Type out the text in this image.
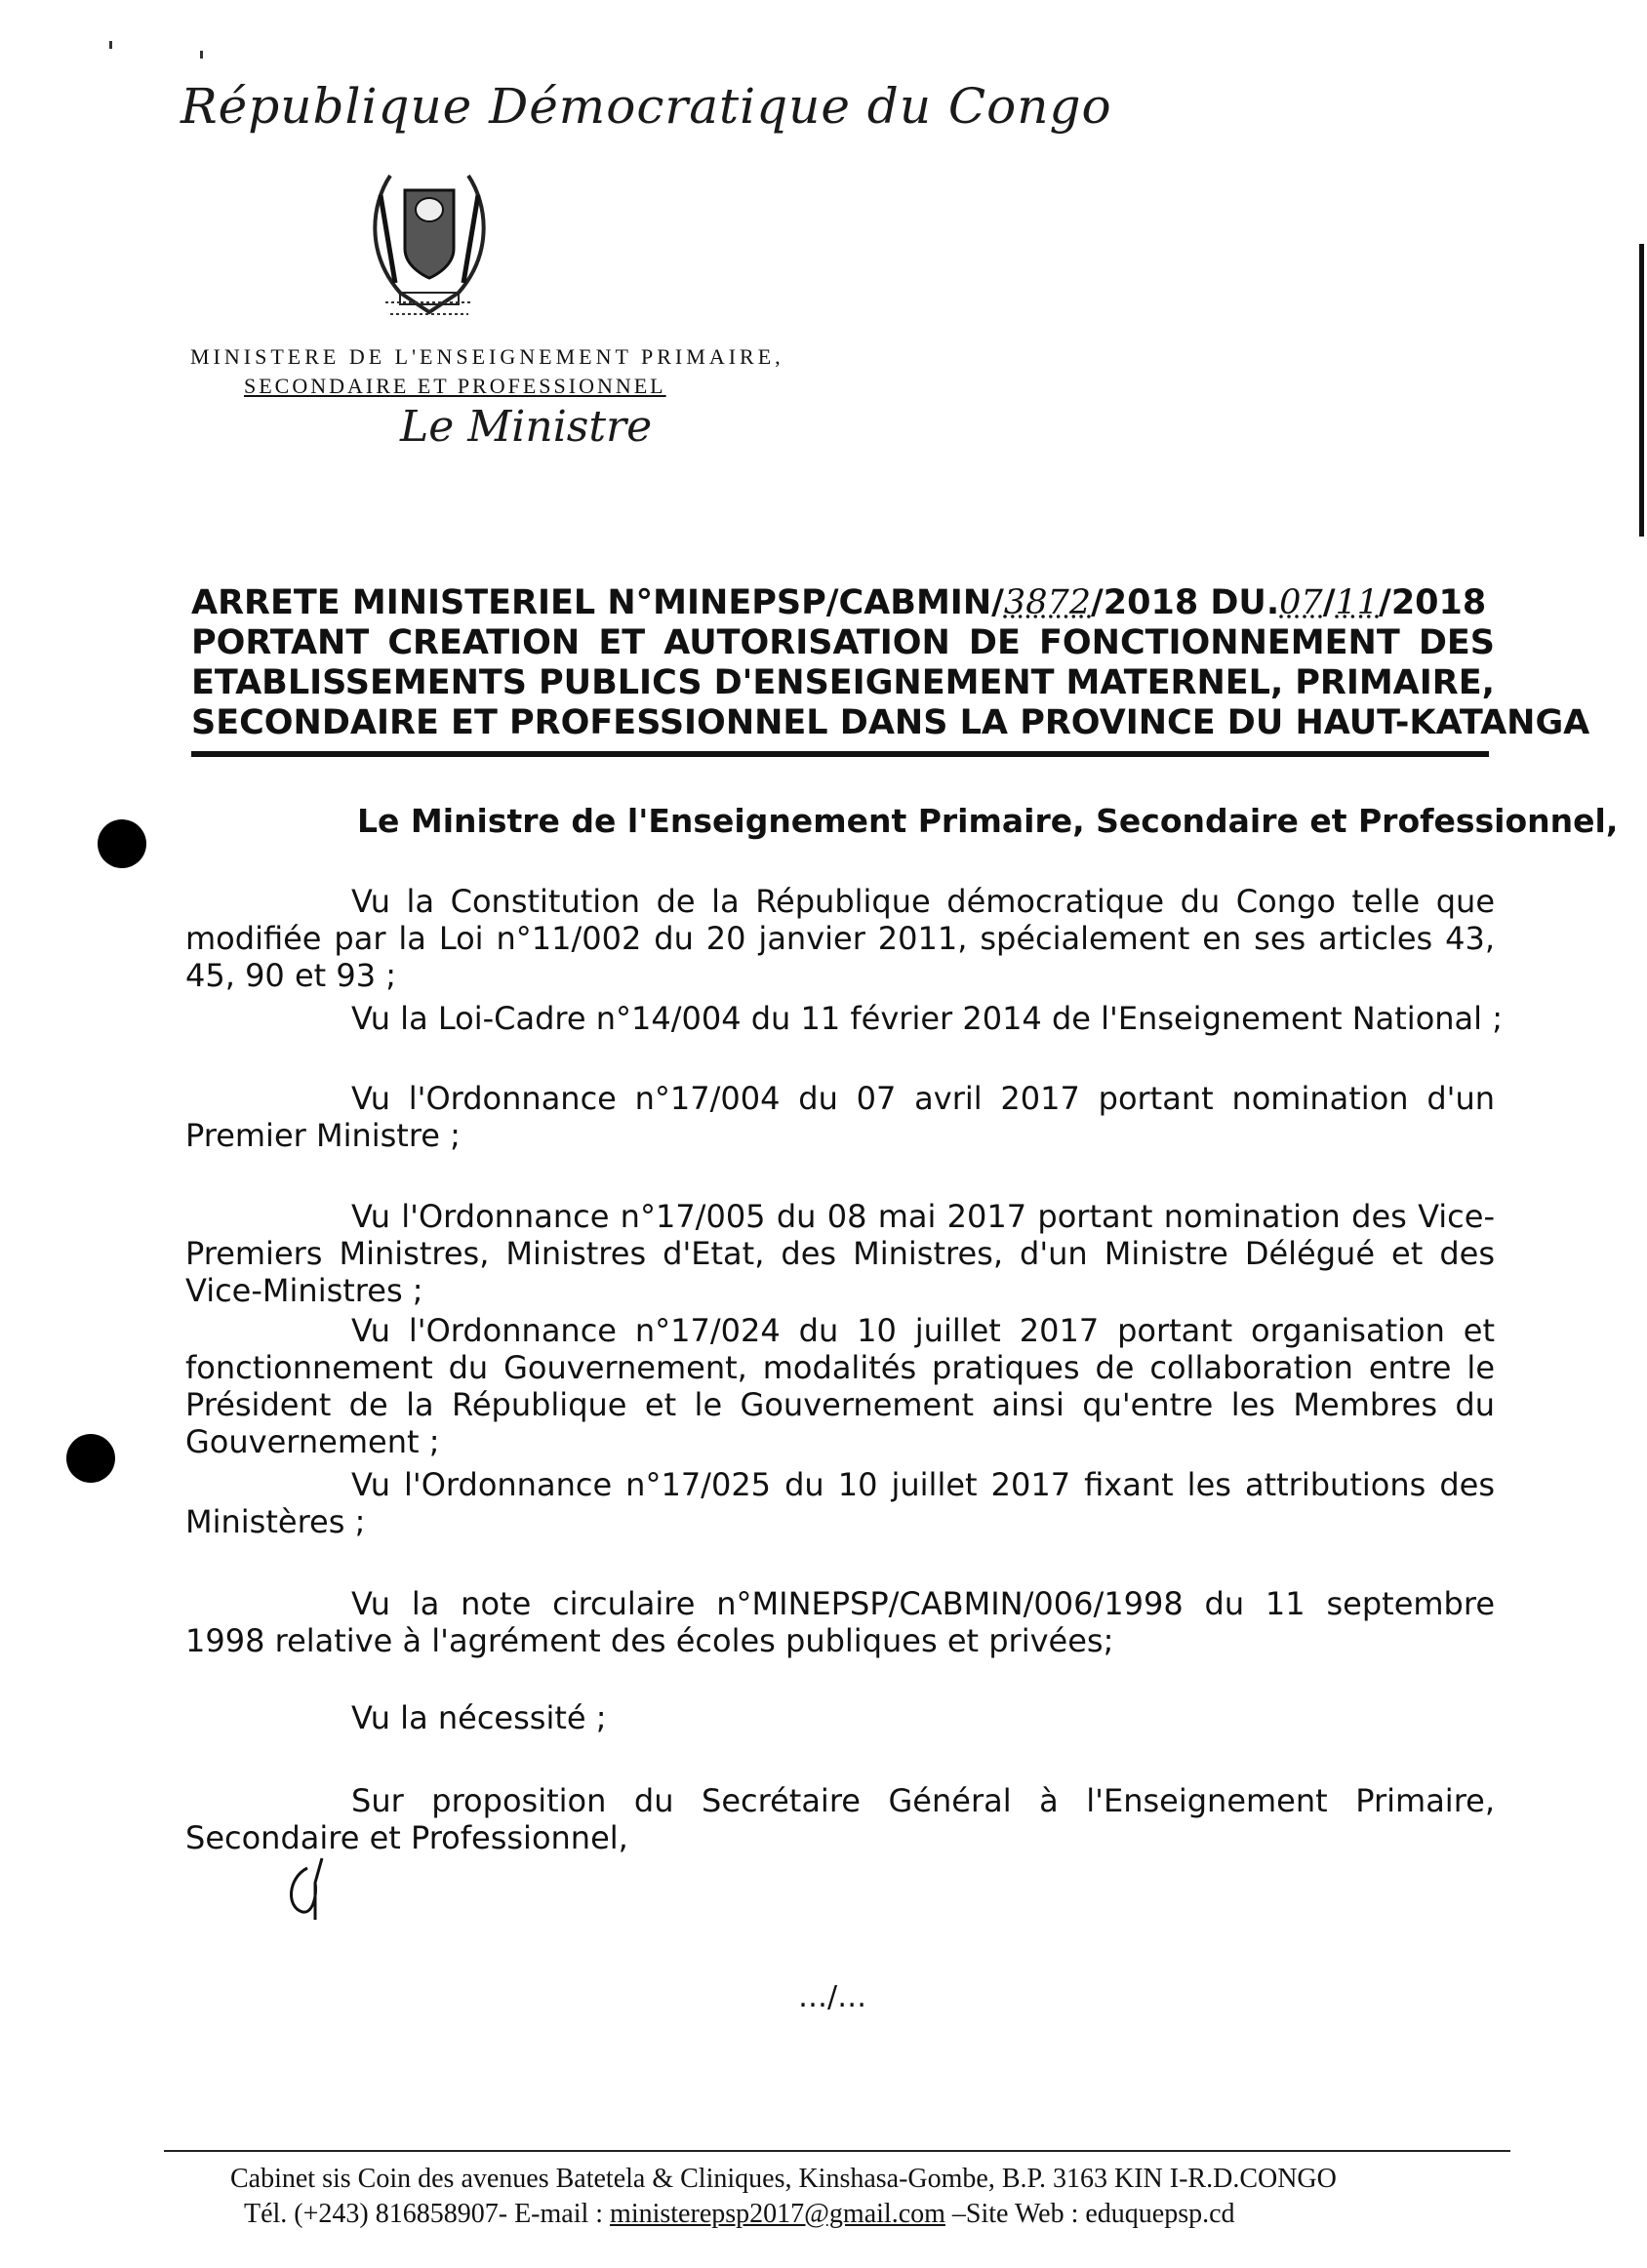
République Démocratique du Congo
MINISTERE DE L'ENSEIGNEMENT PRIMAIRE,
SECONDAIRE ET PROFESSIONNEL
Le Ministre
ARRETE MINISTERIEL N°MINEPSP/CABMIN/3872/2018 DU.07/11/2018
PORTANT CREATION ET AUTORISATION DE FONCTIONNEMENT DES
ETABLISSEMENTS PUBLICS D'ENSEIGNEMENT MATERNEL, PRIMAIRE,
SECONDAIRE ET PROFESSIONNEL DANS LA PROVINCE DU HAUT-KATANGA
Le Ministre de l'Enseignement Primaire, Secondaire et Professionnel,
Vu la Constitution de la République démocratique du Congo telle que modifiée par la Loi n°11/002 du 20 janvier 2011, spécialement en ses articles 43, 45, 90 et 93 ;
Vu la Loi-Cadre n°14/004 du 11 février 2014 de l'Enseignement National ;
Vu l'Ordonnance n°17/004 du 07 avril 2017 portant nomination d'un Premier Ministre ;
Vu l'Ordonnance n°17/005 du 08 mai 2017 portant nomination des Vice-Premiers Ministres, Ministres d'Etat, des Ministres, d'un Ministre Délégué et des Vice-Ministres ;
Vu l'Ordonnance n°17/024 du 10 juillet 2017 portant organisation et fonctionnement du Gouvernement, modalités pratiques de collaboration entre le Président de la République et le Gouvernement ainsi qu'entre les Membres du Gouvernement ;
Vu l'Ordonnance n°17/025 du 10 juillet 2017 fixant les attributions des Ministères ;
Vu la note circulaire n°MINEPSP/CABMIN/006/1998 du 11 septembre 1998 relative à l'agrément des écoles publiques et privées;
Vu la nécessité ;
Sur proposition du Secrétaire Général à l'Enseignement Primaire, Secondaire et Professionnel,
…/…
Cabinet sis Coin des avenues Batetela & Cliniques, Kinshasa-Gombe, B.P. 3163 KIN I-R.D.CONGO
Tél. (+243) 816858907- E-mail : ministerepsp2017@gmail.com –Site Web : eduquepsp.cd
